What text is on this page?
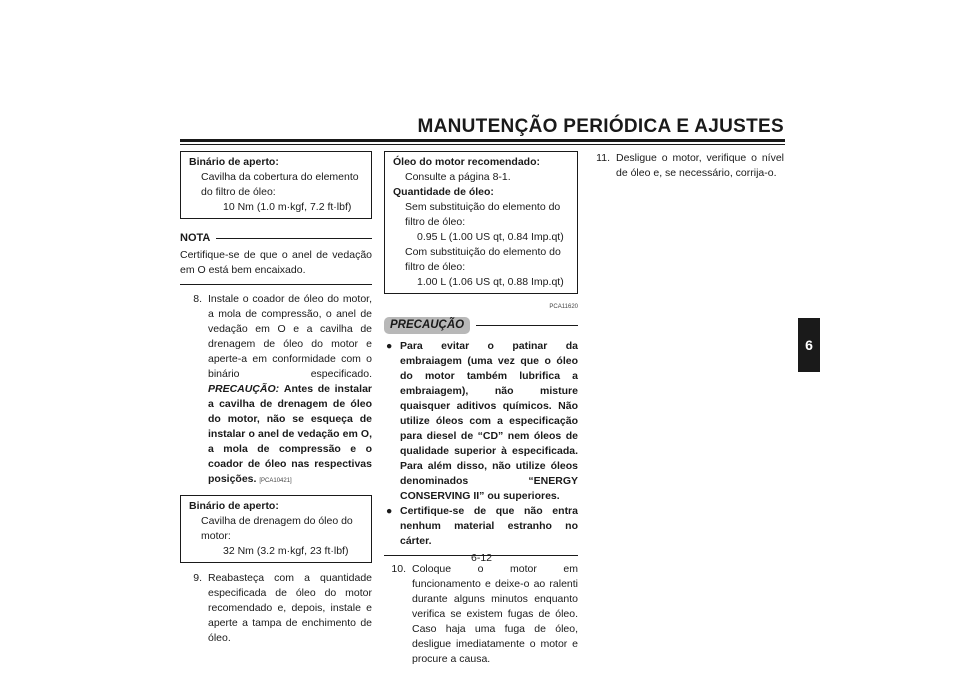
MANUTENÇÃO PERIÓDICA E AJUSTES
6
Binário de aperto:
Cavilha da cobertura do elemento do filtro de óleo:
10 Nm (1.0 m·kgf, 7.2 ft·lbf)
NOTA
Certifique-se de que o anel de vedação em O está bem encaixado.
8. Instale o coador de óleo do motor, a mola de compressão, o anel de vedação em O e a cavilha de drenagem de óleo do motor e aperte-a em conformidade com o binário especificado. PRECAUÇÃO: Antes de instalar a cavilha de drenagem de óleo do motor, não se esqueça de instalar o anel de vedação em O, a mola de compressão e o coador de óleo nas respectivas posições. [PCA10421]
Binário de aperto:
Cavilha de drenagem do óleo do motor:
32 Nm (3.2 m·kgf, 23 ft·lbf)
9. Reabasteça com a quantidade especificada de óleo do motor recomendado e, depois, instale e aperte a tampa de enchimento de óleo.
Óleo do motor recomendado:
Consulte a página 8-1.
Quantidade de óleo:
Sem substituição do elemento do filtro de óleo:
0.95 L (1.00 US qt, 0.84 Imp.qt)
Com substituição do elemento do filtro de óleo:
1.00 L (1.06 US qt, 0.88 Imp.qt)
PCA11620
PRECAUÇÃO
● Para evitar o patinar da embraiagem (uma vez que o óleo do motor também lubrifica a embraiagem), não misture quaisquer aditivos químicos. Não utilize óleos com a especificação para diesel de “CD” nem óleos de qualidade superior à especificada. Para além disso, não utilize óleos denominados “ENERGY CONSERVING II” ou superiores.
● Certifique-se de que não entra nenhum material estranho no cárter.
10. Coloque o motor em funcionamento e deixe-o ao ralenti durante alguns minutos enquanto verifica se existem fugas de óleo. Caso haja uma fuga de óleo, desligue imediatamente o motor e procure a causa.
11. Desligue o motor, verifique o nível de óleo e, se necessário, corrija-o.
6-12
